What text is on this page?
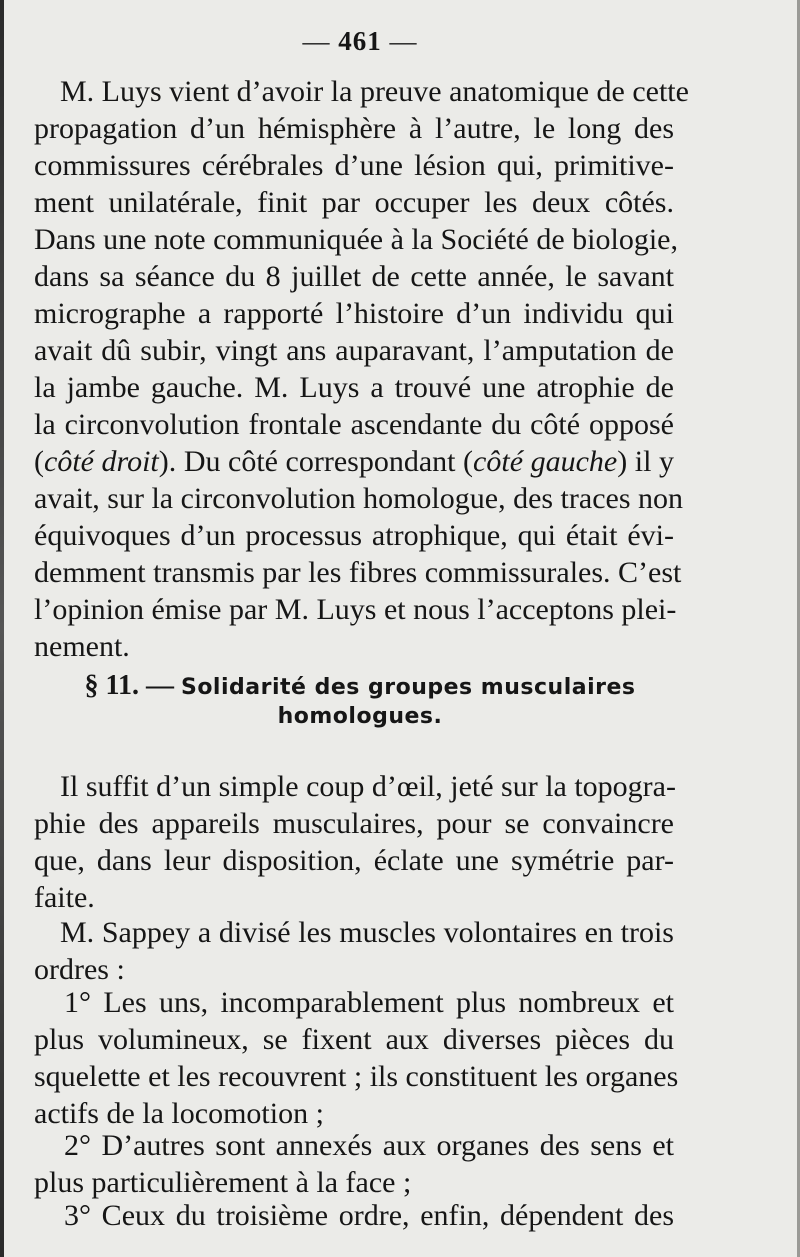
— 461 —
M. Luys vient d’avoir la preuve anatomique de cette
propagation d’un hémisphère à l’autre, le long des
commissures cérébrales d’une lésion qui, primitive-
ment unilatérale, finit par occuper les deux côtés.
Dans une note communiquée à la Société de biologie,
dans sa séance du 8 juillet de cette année, le savant
micrographe a rapporté l’histoire d’un individu qui
avait dû subir, vingt ans auparavant, l’amputation de
la jambe gauche. M. Luys a trouvé une atrophie de
la circonvolution frontale ascendante du côté opposé
(côté droit). Du côté correspondant (côté gauche) il y
avait, sur la circonvolution homologue, des traces non
équivoques d’un processus atrophique, qui était évi-
demment transmis par les fibres commissurales. C’est
l’opinion émise par M. Luys et nous l’acceptons plei-
nement.
§ 11. — Solidarité des groupes musculaires
homologues.
Il suffit d’un simple coup d’œil, jeté sur la topogra-
phie des appareils musculaires, pour se convaincre
que, dans leur disposition, éclate une symétrie par-
faite.
M. Sappey a divisé les muscles volontaires en trois
ordres :
1° Les uns, incomparablement plus nombreux et
plus volumineux, se fixent aux diverses pièces du
squelette et les recouvrent ; ils constituent les organes
actifs de la locomotion ;
2° D’autres sont annexés aux organes des sens et
plus particulièrement à la face ;
3° Ceux du troisième ordre, enfin, dépendent des
